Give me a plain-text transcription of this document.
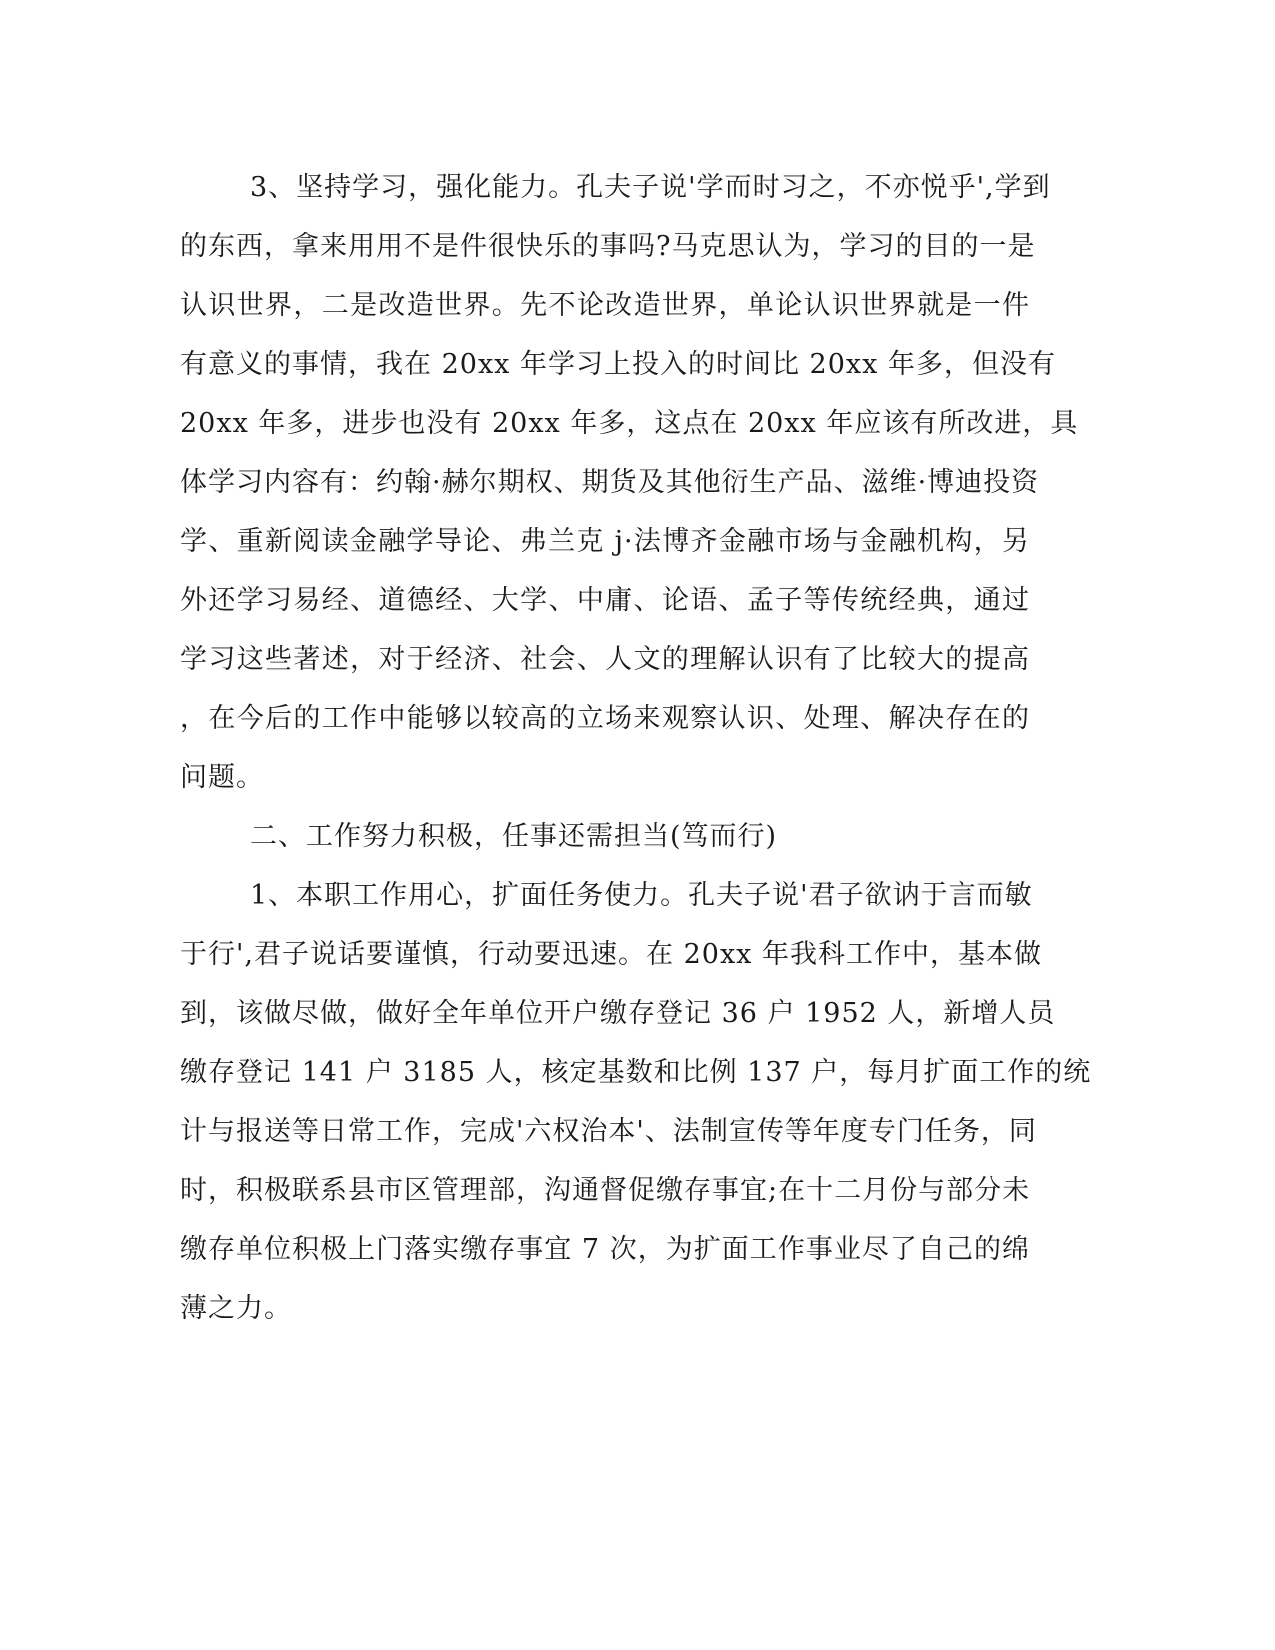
3、坚持学习，强化能力。孔夫子说'学而时习之，不亦悦乎',学到
的东西，拿来用用不是件很快乐的事吗?马克思认为，学习的目的一是
认识世界，二是改造世界。先不论改造世界，单论认识世界就是一件
有意义的事情，我在 20xx 年学习上投入的时间比 20xx 年多，但没有
20xx 年多，进步也没有 20xx 年多，这点在 20xx 年应该有所改进，具
体学习内容有：约翰·赫尔期权、期货及其他衍生产品、滋维·博迪投资
学、重新阅读金融学导论、弗兰克 j·法博齐金融市场与金融机构，另
外还学习易经、道德经、大学、中庸、论语、孟子等传统经典，通过
学习这些著述，对于经济、社会、人文的理解认识有了比较大的提高
，在今后的工作中能够以较高的立场来观察认识、处理、解决存在的
问题。
二、工作努力积极，任事还需担当(笃而行)
1、本职工作用心，扩面任务使力。孔夫子说'君子欲讷于言而敏
于行',君子说话要谨慎，行动要迅速。在 20xx 年我科工作中，基本做
到，该做尽做，做好全年单位开户缴存登记 36 户 1952 人，新增人员
缴存登记 141 户 3185 人，核定基数和比例 137 户，每月扩面工作的统
计与报送等日常工作，完成'六权治本'、法制宣传等年度专门任务，同
时，积极联系县市区管理部，沟通督促缴存事宜;在十二月份与部分未
缴存单位积极上门落实缴存事宜 7 次，为扩面工作事业尽了自己的绵
薄之力。
